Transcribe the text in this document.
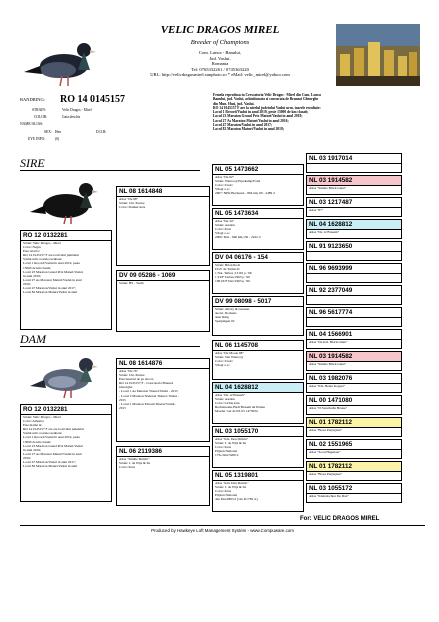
VELIC DRAGOS MIREL
Breeder of Champions
Com. Lunca - Banului,
Jud. Vaslui,
Romania
Tel: 0765332261 / 0745363220
URL: http://velicdragosmirel.sunphoto.ro * eMail: velic_mirel@yahoo.com
BANDRING: RO 14 0145157
STRAIN:	Velic Dragos - Mirel
COLOR:	Gata deschis
NAME/ALIAS:
SEX: Hen	D.O.B:
EYE INFO:	(0)
Femela reprodusa in Crescatoria Velic Dragos - Mirel din Com. Lunca
Banului, jud. Vaslui, achizitionata si concurata de Branzoi Gheorghe
din Mun. Husi, jud. Vaslui.
RO 14 0145157 F are la nivelul judetului Vaslui urm. toarele rezultate:
Locul 1 Record/Vaslui in anul 2019, peste 15000 de km clasati;
Locul 23 Maraton Grand Prix Maturi/Vaslui in anul 2019;
Locul 27 As Maraton Maturi/Vaslui in anul 2016;
Locul 47 Maraton/Vaslui in anul 2017;
Locul 82 Maraton Maturi/Vaslui in anul 2018;
SIRE
DAM
RO 12 0132281
Strain: Velic Dragos - Mirel
Color: Negru
Este tatal la:
RO 14 0145157 F are la nivelul judetului
Vaslui urm. toarele rezultate:
Locul 1 Record/Vaslui in anul 2019, peste
15000 de km clasati;
Locul 23 Maraton Grand Prix Maturi/Vaslui
in anul 2019;
Locul 27 As Maraton Maturi/Vaslui in anul
2016;
Locul 47 Maraton/Vaslui in anul 2017;
Locul 82 Maraton Maturi/Vaslui in anul
RO 12 0132281
Strain: Velic Dragos - Mirel
Color: Albastra
Este mama la:
RO 14 0145157 F are are la nivelul judetului
Vaslui urm. toarele rezultate:
Locul 1 Record/Vaslui in anul 2019, peste
15000 de km clasati;
Locul 23 Maraton Grand Prix Maturi/Vaslui
in anul 2019;
Locul 27 As Maraton Maturi/Vaslui in anul
2016;
Locul 47 Maraton/Vaslui in anul 2017;
Locul 82 Maraton Maturi/Vaslui in anul
NL 08 1614848
Alias "De 68"
Strain: Chr. Pauwe
Color: Donker kras
DV 09 05286 - 1069
Strain: HS - Team
NL 08 1614876
Alias "De 76"
Strain: Chr. Pauwe
Este bunicul de pe tata la:
RO 14 0145157 F - Crescatoria Branzoi
Gheorghe
- Locul 1 As Maraton Tineret/Vaslui - 2015
- Locul 2 Maraton National Tineret/ Vaslui -
2015
- Locul 1 Maraton Extrem Tineret/Vaslui -
2015
NL 06 2119386
Alias "Smalle Duivin"
Strain: J. de Wijs & Zn
Color: Kras
NL 05 1473662
Alias "De 62"
Strain: Wanrooy/Eijerkamp/Fond
Color: Zwart
Vliegt o.a.:
2007: NPO Bordeaux - 804 km, 69 - 2489 d
NL 05 1473634
Alias "De 34"
Strain: Aarden
Color: Kras
Vliegt o.a.:
2006: Dax - 940 km,150 - 2222 d
DV 04 06176 - 154
Strain: Brian Rodi
UGV de Turbes ll:
1 Nat. Tarbes /13191 p. '96
1 ZUF Tarbes/1963 p. '90
108 ZUF Dax/1963 p. '90
DV 99 08098 - 5017
Strain: Alboty & Gessner
aus kl. Dockens
aiser Ring
Spatjungen 02
NL 06 1145708
Alias "De Mooie 08"
Strain: Van Wanrooy
Color: Zwart
Vliegt o.a.:
NL 04 1628812
Alias "De 12 Brasem"
Strain: Aarden
Color: Lichte kras
Rechtstreeks Hadi Brasem uit Putten
Moeder van de NL 05 1473634
NL 03 1055170
Alias "Klz. Den Duivin"
Strain: J. de Wijs & Zn
Color: Kras
Prijzen National
173e Dax/5260 d
NL 05 1319801
Alias "Kld. Den Duivin"
Strain: J. de Wijs & Zn
Color: Kras
Prijzen National
42e Pau/2863 d (12e D./782 d.)
NL 03 1917014
NL 03 1914582
Alias "Smalle Black Giant"
NL 03 1217487
Alias "87"
NL 04 1628812
Alias "De 12 Brasem"
NL 91 9123650
NL 96 9693999
NL 92 2377049
NL 96 5617774
NL 04 1566901
Alias "De Klz. Black Giant"
NL 03 1914582
Alias "Smalle Black Giant"
NL 03 1982076
Alias "Klz. Bente Koppel"
NL 00 1471080
Alias "D Standvelle Brasse"
NL 01 1782112
Alias "Broer Perpignan"
NL 02 1551965
Alias "Zoon Hagenaar"
NL 01 1782112
Alias "Broer Perpignan"
NL 03 1055172
Alias "Kleindochter De Dax"
For: VELIC DRAGOS MIREL
Produced by Hawkeye Loft Management System - www.Compuware.com
